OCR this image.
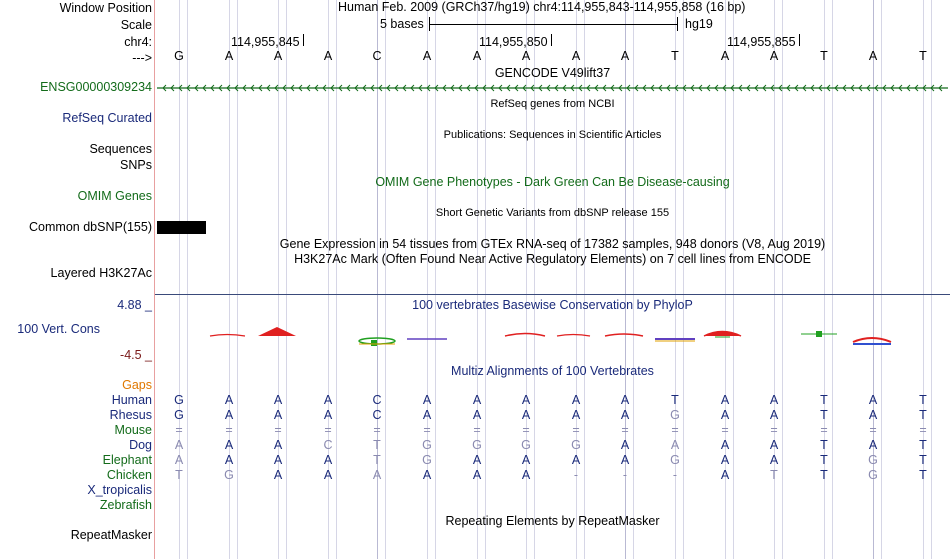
Window Position
Scale
chr4:
--->
ENSG00000309234
RefSeq Curated
Sequences
SNPs
OMIM Genes
Common dbSNP(155)
Layered H3K27Ac
4.88 _
100 Vert. Cons
-4.5 _
Gaps
Human
Rhesus
Mouse
Dog
Elephant
Chicken
X_tropicalis
Zebrafish
RepeatMasker
Human Feb. 2009 (GRCh37/hg19) chr4:114,955,843-114,955,858 (16 bp)
5 bases	hg19
114,955,845	114,955,850	114,955,855
G	A	A	A	C	A	A	A	A	A	T	A	A	T	A	T
GENCODE V49lift37
RefSeq genes from NCBI
Publications: Sequences in Scientific Articles
OMIM Gene Phenotypes - Dark Green Can Be Disease-causing
Short Genetic Variants from dbSNP release 155
Gene Expression in 54 tissues from GTEx RNA-seq of 17382 samples, 948 donors (V8, Aug 2019)
H3K27Ac Mark (Often Found Near Active Regulatory Elements) on 7 cell lines from ENCODE
100 vertebrates Basewise Conservation by PhyloP
Multiz Alignments of 100 Vertebrates
G	A	A	A	C	A	A	A	A	A	T	A	A	T	A	T
G	A	A	A	C	A	A	A	A	A	G	A	A	T	A	T
=	=	=	=	=	=	=	=	=	=	=	=	=	=	=	=
A	A	A	C	T	G	G	G	G	A	A	A	A	T	A	T
A	A	A	A	T	G	A	A	A	A	G	A	A	T	G	T
T	G	A	A	A	A	A	A	-	-	-	A	T	T	G	T
Repeating Elements by RepeatMasker
